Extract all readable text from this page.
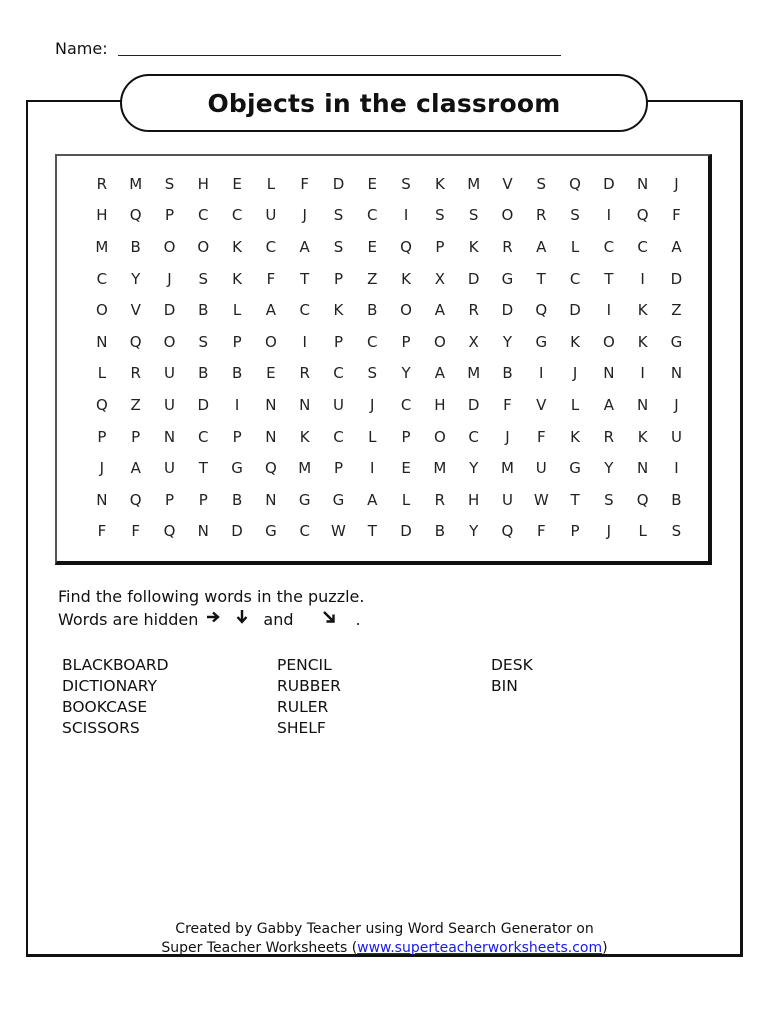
Name:
Objects in the classroom
R	M	S	H	E	L	F	D	E	S	K	M	V	S	Q	D	N	J
H	Q	P	C	C	U	J	S	C	I	S	S	O	R	S	I	Q	F
M	B	O	O	K	C	A	S	E	Q	P	K	R	A	L	C	C	A
C	Y	J	S	K	F	T	P	Z	K	X	D	G	T	C	T	I	D
O	V	D	B	L	A	C	K	B	O	A	R	D	Q	D	I	K	Z
N	Q	O	S	P	O	I	P	C	P	O	X	Y	G	K	O	K	G
L	R	U	B	B	E	R	C	S	Y	A	M	B	I	J	N	I	N
Q	Z	U	D	I	N	N	U	J	C	H	D	F	V	L	A	N	J
P	P	N	C	P	N	K	C	L	P	O	C	J	F	K	R	K	U
J	A	U	T	G	Q	M	P	I	E	M	Y	M	U	G	Y	N	I
N	Q	P	P	B	N	G	G	A	L	R	H	U	W	T	S	Q	B
F	F	Q	N	D	G	C	W	T	D	B	Y	Q	F	P	J	L	S
Find the following words in the puzzle.
Words are hidden	and	.
BLACKBOARD
DICTIONARY
BOOKCASE
SCISSORS
PENCIL
RUBBER
RULER
SHELF
DESK
BIN
Created by Gabby Teacher using Word Search Generator on
Super Teacher Worksheets (www.superteacherworksheets.com)
